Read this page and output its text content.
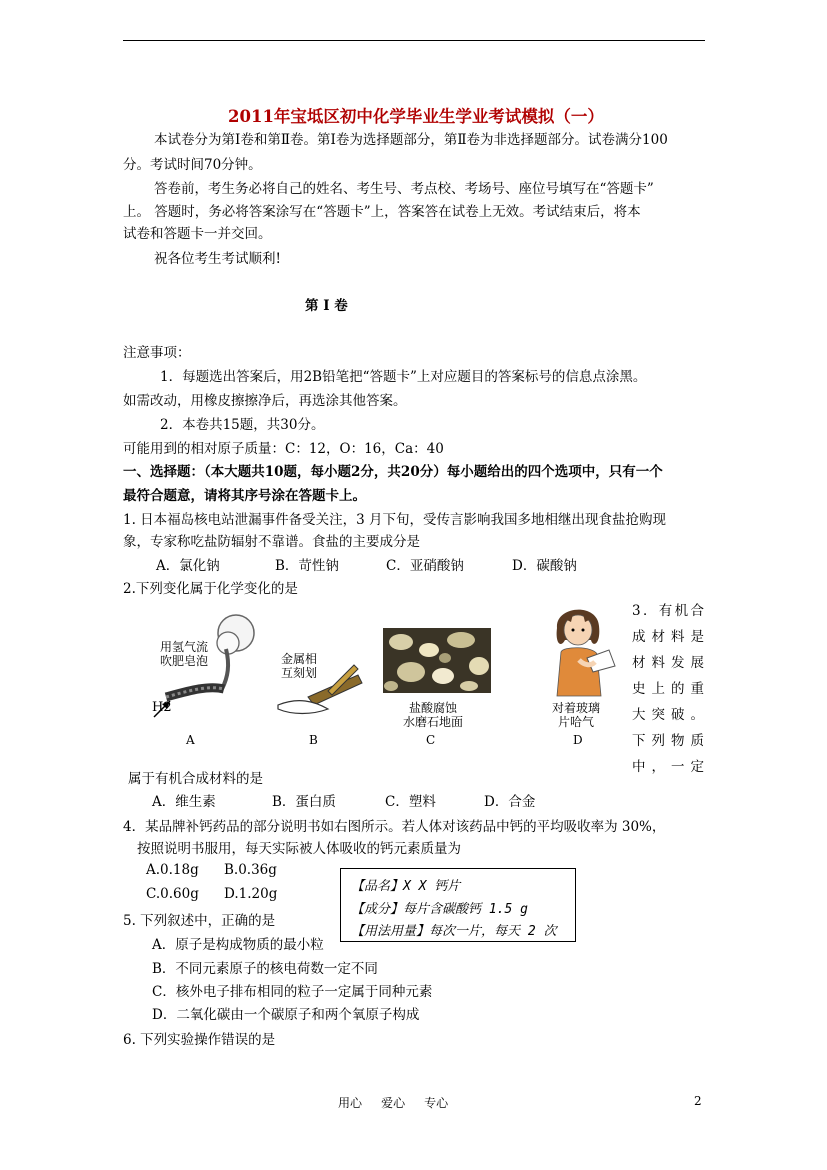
2011年宝坻区初中化学毕业生学业考试模拟（一）
本试卷分为第I卷和第Ⅱ卷。第I卷为选择题部分，第Ⅱ卷为非选择题部分。试卷满分100
分。考试时间70分钟。
答卷前，考生务必将自己的姓名、考生号、考点校、考场号、座位号填写在“答题卡”
上。 答题时，务必将答案涂写在“答题卡”上，答案答在试卷上无效。考试结束后，将本
试卷和答题卡一并交回。
祝各位考生考试顺利!
第 I 卷
注意事项：
1．每题选出答案后，用2B铅笔把“答题卡”上对应题目的答案标号的信息点涂黑。
如需改动，用橡皮擦擦净后，再选涂其他答案。
2．本卷共15题，共30分。
可能用到的相对原子质量：C：12，O：16，Ca：40
一、选择题：（本大题共10题，每小题2分，共20分）每小题给出的四个选项中，只有一个
最符合题意，请将其序号涂在答题卡上。
1. 日本福岛核电站泄漏事件备受关注，3 月下旬，受传言影响我国多地相继出现食盐抢购现
象，专家称吃盐防辐射不靠谱。食盐的主要成分是
A．氯化钠	B．苛性钠	C．亚硝酸钠	D．碳酸钠
2.下列变化属于化学变化的是
用氢气流
吹肥皂泡
H2
A
金属相
互刻划
B
盐酸腐蚀
水磨石地面
C
对着玻璃
片哈气
D
3．有机合
成材料是
材料发展
史上的重
大突破。
下列物质
中，一定
属于有机合成材料的是
A．维生素	B．蛋白质	C．塑料	D．合金
4．某品牌补钙药品的部分说明书如右图所示。若人体对该药品中钙的平均吸收率为 30%，
按照说明书服用，每天实际被人体吸收的钙元素质量为
A.0.18g B.0.36g
C.0.60g D.1.20g
5. 下列叙述中，正确的是
A．原子是构成物质的最小粒
【品名】X X 钙片
【成分】每片含碳酸钙 1.5 g
【用法用量】每次一片，每天 2 次
B．不同元素原子的核电荷数一定不同
C．核外电子排布相同的粒子一定属于同种元素
D．二氧化碳由一个碳原子和两个氧原子构成
6. 下列实验操作错误的是
用心     爱心     专心	2
